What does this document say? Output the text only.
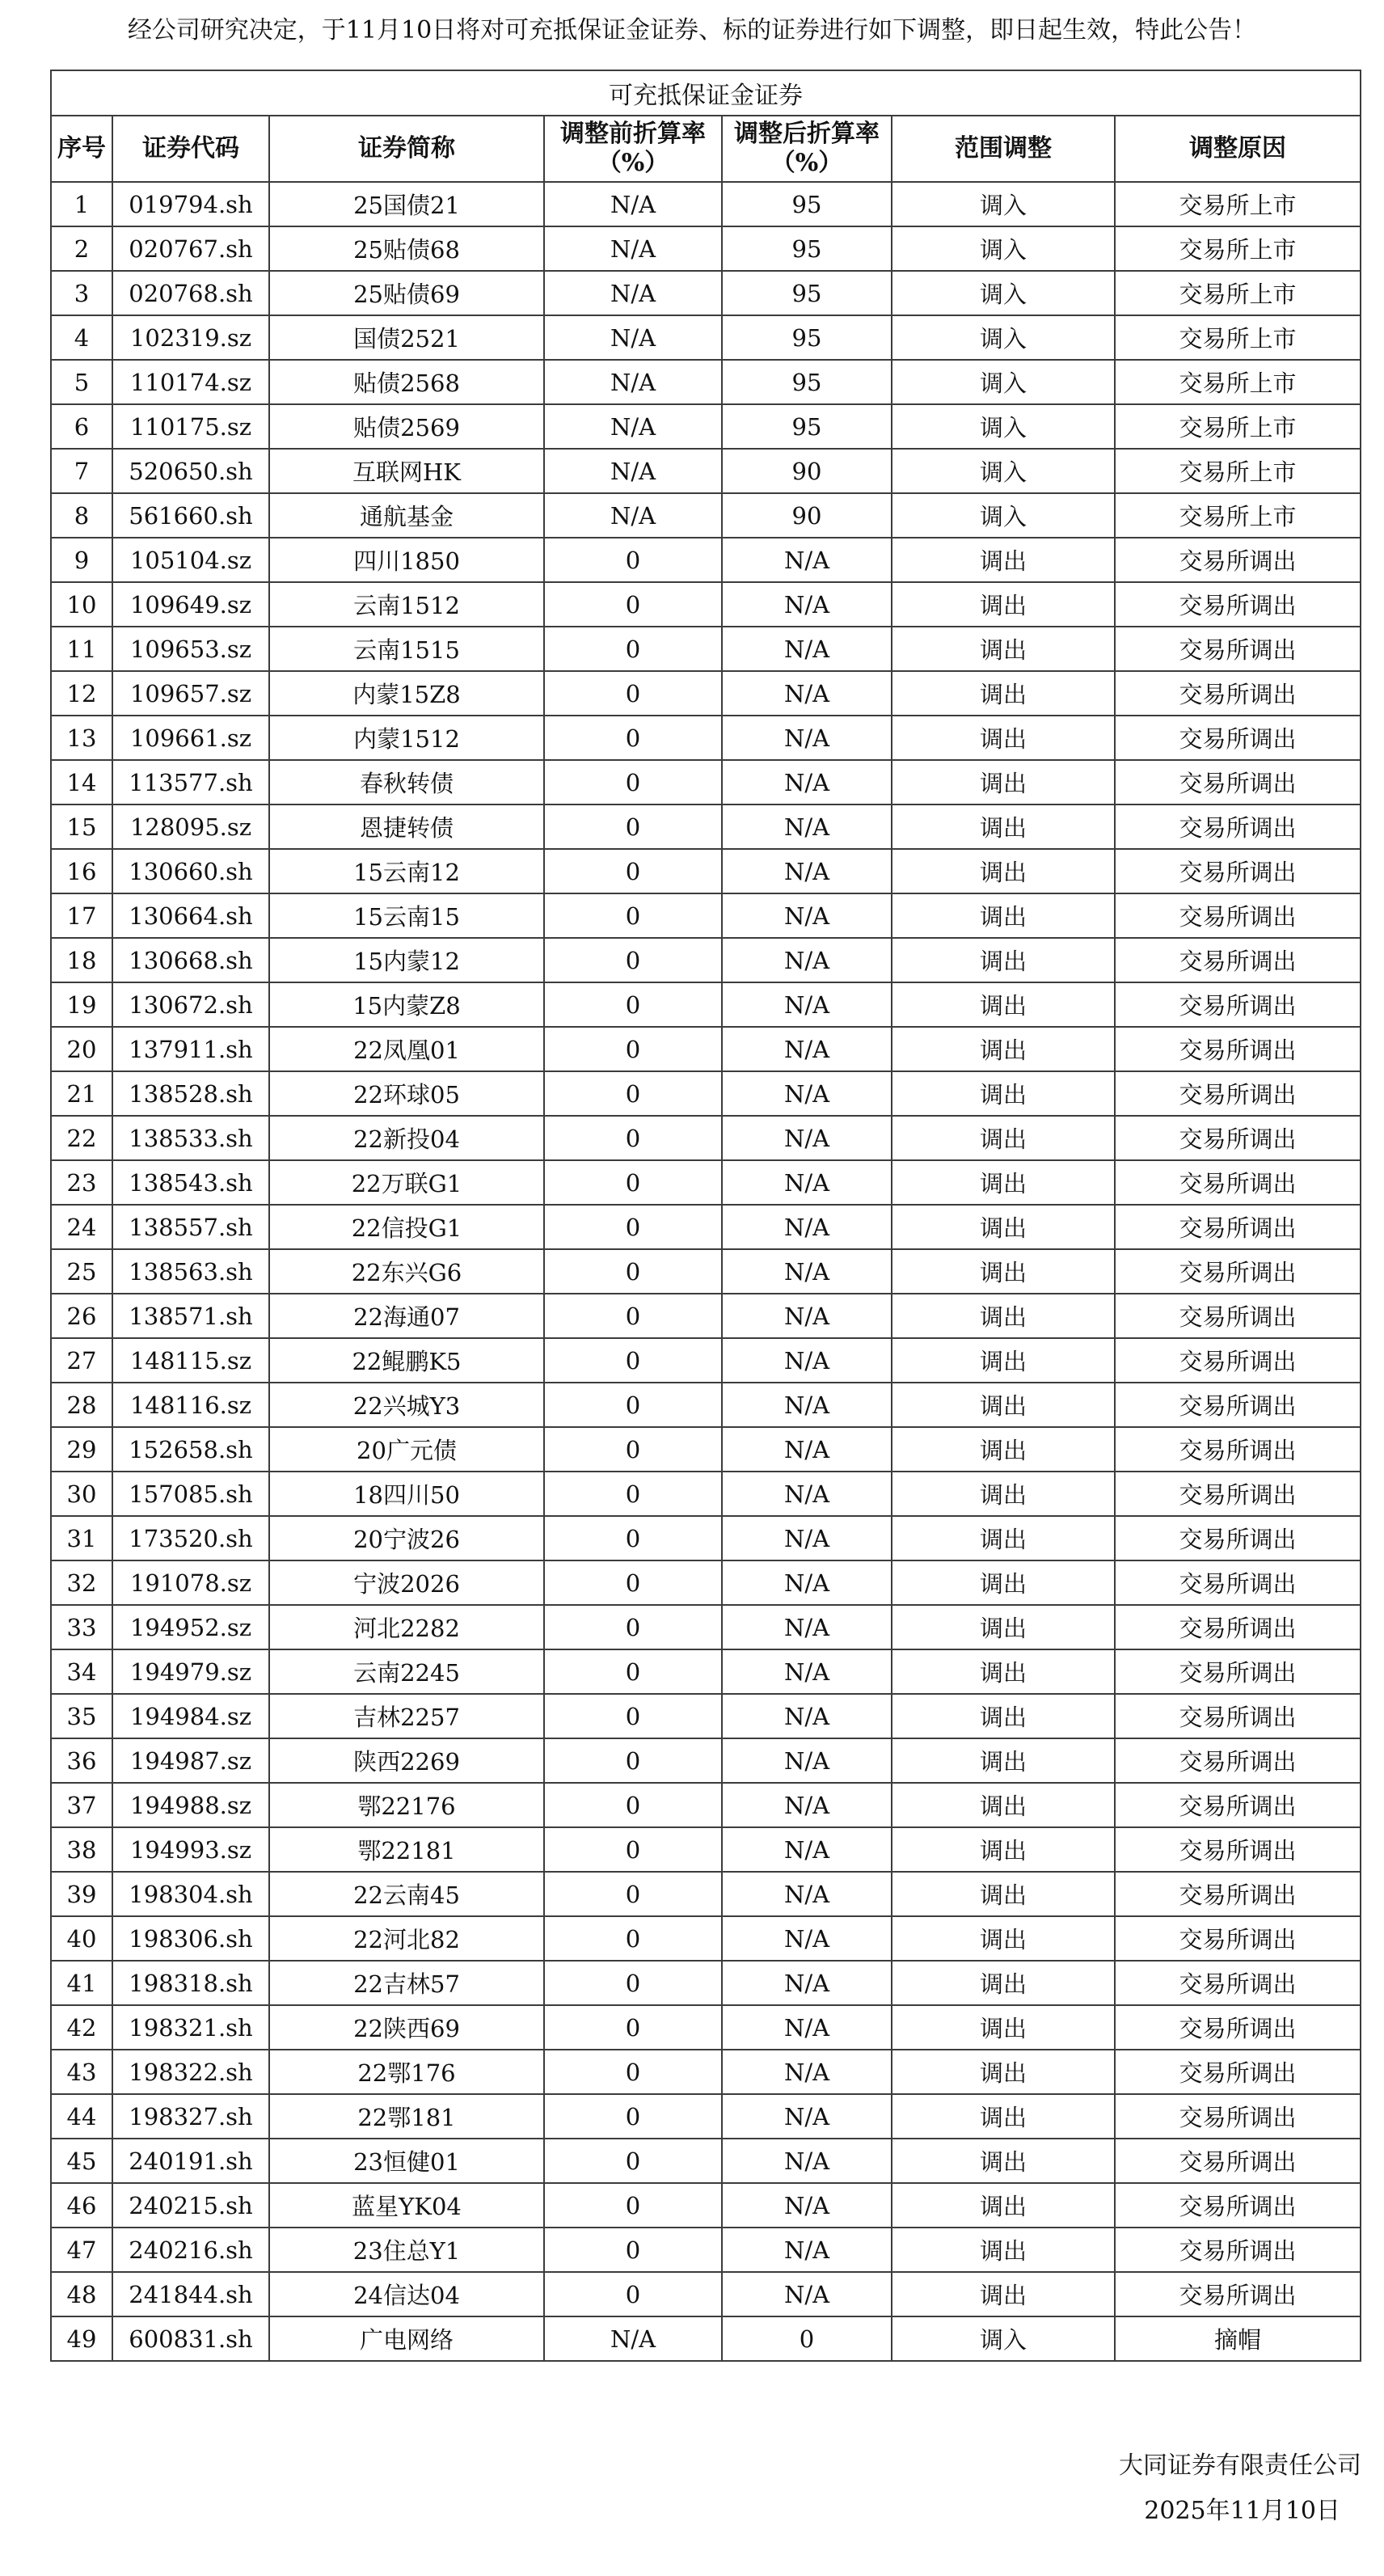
经公司研究决定，于11月10日将对可充抵保证金证券、标的证券进行如下调整，即日起生效，特此公告！
可充抵保证金证券						
序号	证券代码	证券简称	调整前折算率（%）	调整后折算率（%）	范围调整	调整原因
1	019794.sh	25国债21	N/A	95	调入	交易所上市
2	020767.sh	25贴债68	N/A	95	调入	交易所上市
3	020768.sh	25贴债69	N/A	95	调入	交易所上市
4	102319.sz	国债2521	N/A	95	调入	交易所上市
5	110174.sz	贴债2568	N/A	95	调入	交易所上市
6	110175.sz	贴债2569	N/A	95	调入	交易所上市
7	520650.sh	互联网HK	N/A	90	调入	交易所上市
8	561660.sh	通航基金	N/A	90	调入	交易所上市
9	105104.sz	四川1850	0	N/A	调出	交易所调出
10	109649.sz	云南1512	0	N/A	调出	交易所调出
11	109653.sz	云南1515	0	N/A	调出	交易所调出
12	109657.sz	内蒙15Z8	0	N/A	调出	交易所调出
13	109661.sz	内蒙1512	0	N/A	调出	交易所调出
14	113577.sh	春秋转债	0	N/A	调出	交易所调出
15	128095.sz	恩捷转债	0	N/A	调出	交易所调出
16	130660.sh	15云南12	0	N/A	调出	交易所调出
17	130664.sh	15云南15	0	N/A	调出	交易所调出
18	130668.sh	15内蒙12	0	N/A	调出	交易所调出
19	130672.sh	15内蒙Z8	0	N/A	调出	交易所调出
20	137911.sh	22凤凰01	0	N/A	调出	交易所调出
21	138528.sh	22环球05	0	N/A	调出	交易所调出
22	138533.sh	22新投04	0	N/A	调出	交易所调出
23	138543.sh	22万联G1	0	N/A	调出	交易所调出
24	138557.sh	22信投G1	0	N/A	调出	交易所调出
25	138563.sh	22东兴G6	0	N/A	调出	交易所调出
26	138571.sh	22海通07	0	N/A	调出	交易所调出
27	148115.sz	22鲲鹏K5	0	N/A	调出	交易所调出
28	148116.sz	22兴城Y3	0	N/A	调出	交易所调出
29	152658.sh	20广元债	0	N/A	调出	交易所调出
30	157085.sh	18四川50	0	N/A	调出	交易所调出
31	173520.sh	20宁波26	0	N/A	调出	交易所调出
32	191078.sz	宁波2026	0	N/A	调出	交易所调出
33	194952.sz	河北2282	0	N/A	调出	交易所调出
34	194979.sz	云南2245	0	N/A	调出	交易所调出
35	194984.sz	吉林2257	0	N/A	调出	交易所调出
36	194987.sz	陕西2269	0	N/A	调出	交易所调出
37	194988.sz	鄂22176	0	N/A	调出	交易所调出
38	194993.sz	鄂22181	0	N/A	调出	交易所调出
39	198304.sh	22云南45	0	N/A	调出	交易所调出
40	198306.sh	22河北82	0	N/A	调出	交易所调出
41	198318.sh	22吉林57	0	N/A	调出	交易所调出
42	198321.sh	22陕西69	0	N/A	调出	交易所调出
43	198322.sh	22鄂176	0	N/A	调出	交易所调出
44	198327.sh	22鄂181	0	N/A	调出	交易所调出
45	240191.sh	23恒健01	0	N/A	调出	交易所调出
46	240215.sh	蓝星YK04	0	N/A	调出	交易所调出
47	240216.sh	23住总Y1	0	N/A	调出	交易所调出
48	241844.sh	24信达04	0	N/A	调出	交易所调出
49	600831.sh	广电网络	N/A	0	调入	摘帽
大同证券有限责任公司
2025年11月10日
